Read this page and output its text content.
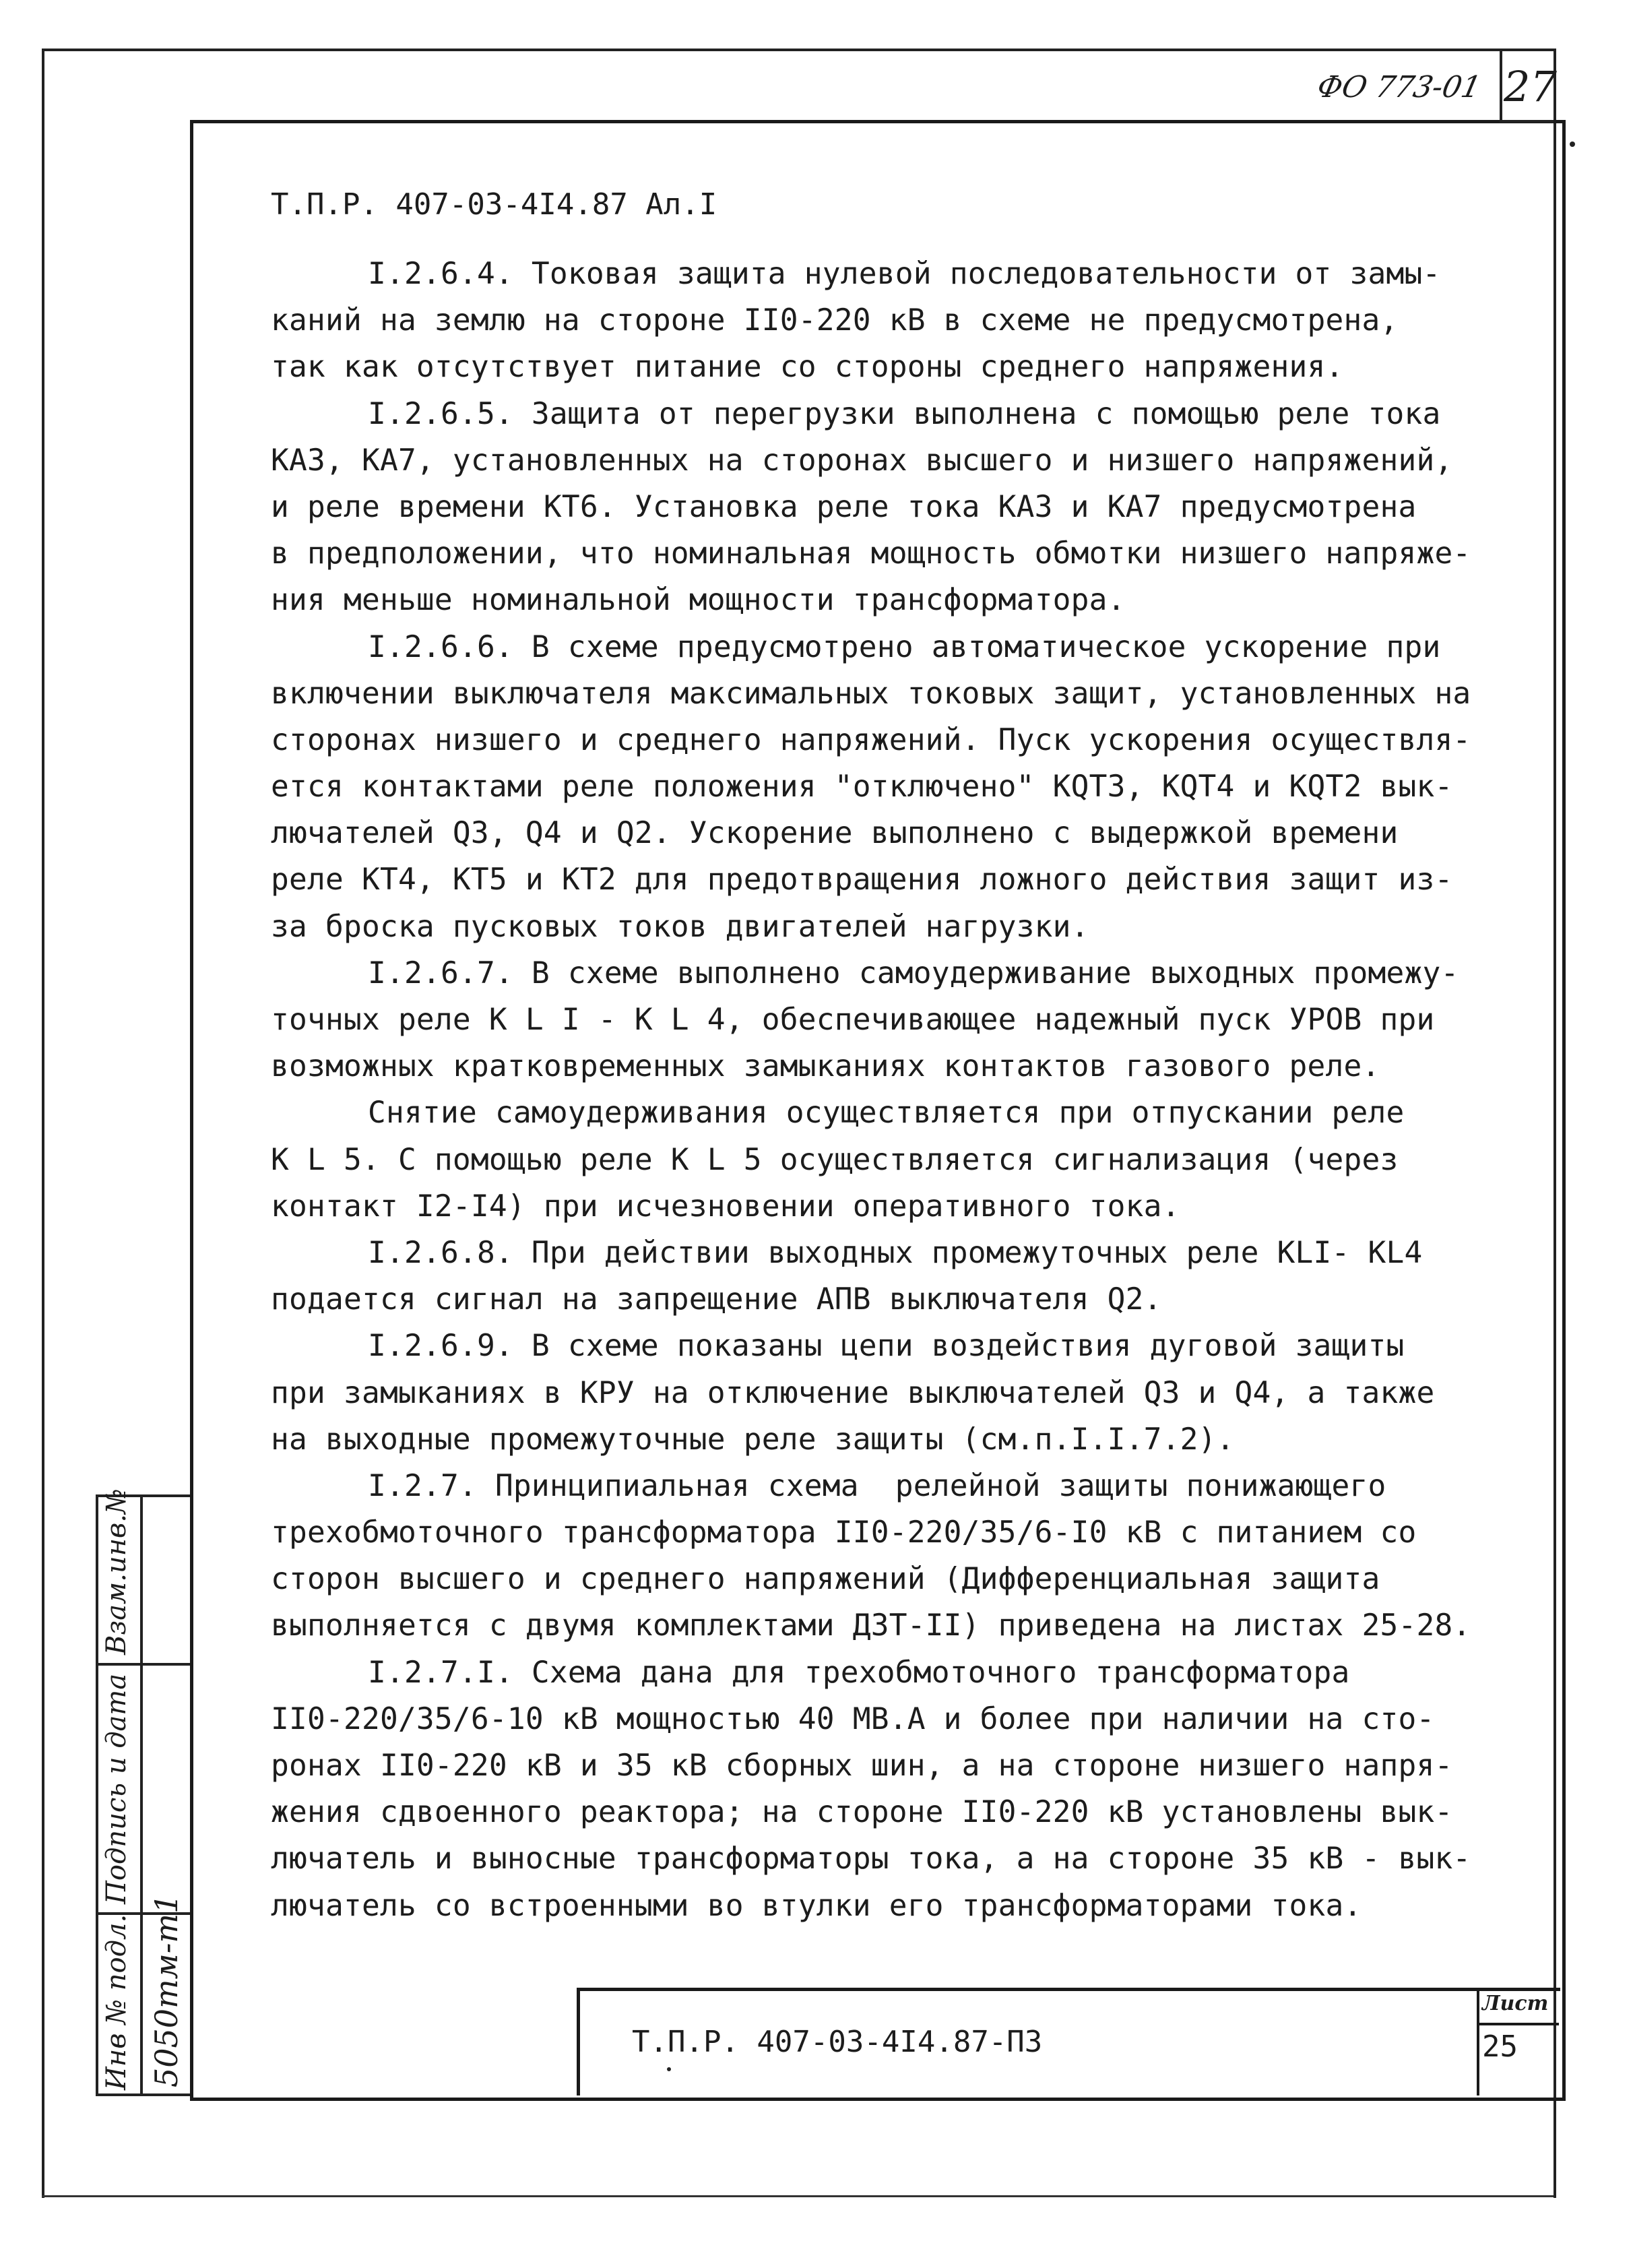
27
ФО 773-01
Т.П.Р. 407-03-4I4.87 Ал.I
I.2.6.4. Токовая защита нулевой последовательности от замы-
каний на землю на стороне II0-220 кВ в схеме не предусмотрена,
так как отсутствует питание со стороны среднего напряжения.
I.2.6.5. Защита от перегрузки выполнена с помощью реле тока
КАЗ, КА7, установленных на сторонах высшего и низшего напряжений,
и реле времени КТ6. Установка реле тока КАЗ и КА7 предусмотрена
в предположении, что номинальная мощность обмотки низшего напряже-
ния меньше номинальной мощности трансформатора.
I.2.6.6. В схеме предусмотрено автоматическое ускорение при
включении выключателя максимальных токовых защит, установленных на
сторонах низшего и среднего напряжений. Пуск ускорения осуществля-
ется контактами реле положения "отключено" KQT3, KQT4 и KQT2 вык-
лючателей Q3, Q4 и Q2. Ускорение выполнено с выдержкой времени
реле КТ4, КТ5 и КТ2 для предотвращения ложного действия защит из-
за броска пусковых токов двигателей нагрузки.
I.2.6.7. В схеме выполнено самоудерживание выходных промежу-
точных реле K L I - K L 4, обеспечивающее надежный пуск УРОВ при
возможных кратковременных замыканиях контактов газового реле.
Снятие самоудерживания осуществляется при отпускании реле
K L 5. С помощью реле K L 5 осуществляется сигнализация (через
контакт I2-I4) при исчезновении оперативного тока.
I.2.6.8. При действии выходных промежуточных реле KLI- KL4
подается сигнал на запрещение АПВ выключателя Q2.
I.2.6.9. В схеме показаны цепи воздействия дуговой защиты
при замыканиях в КРУ на отключение выключателей Q3 и Q4, а также
на выходные промежуточные реле защиты (см.п.I.I.7.2).
I.2.7. Принципиальная схема  релейной защиты понижающего
трехобмоточного трансформатора II0-220/35/6-I0 кВ с питанием со
сторон высшего и среднего напряжений (Дифференциальная защита
выполняется с двумя комплектами ДЗТ-II) приведена на листах 25-28.
I.2.7.I. Схема дана для трехобмоточного трансформатора
II0-220/35/6-10 кВ мощностью 40 МВ.А и более при наличии на сто-
ронах II0-220 кВ и 35 кВ сборных шин, а на стороне низшего напря-
жения сдвоенного реактора; на стороне II0-220 кВ установлены вык-
лючатель и выносные трансформаторы тока, а на стороне 35 кВ - вык-
лючатель со встроенными во втулки его трансформаторами тока.
Взам.инв.№
Подпись и дата
Инв № подл. 5050тм-т1	Т.П.Р. 407-03-4I4.87-ПЗ
Лист
25
